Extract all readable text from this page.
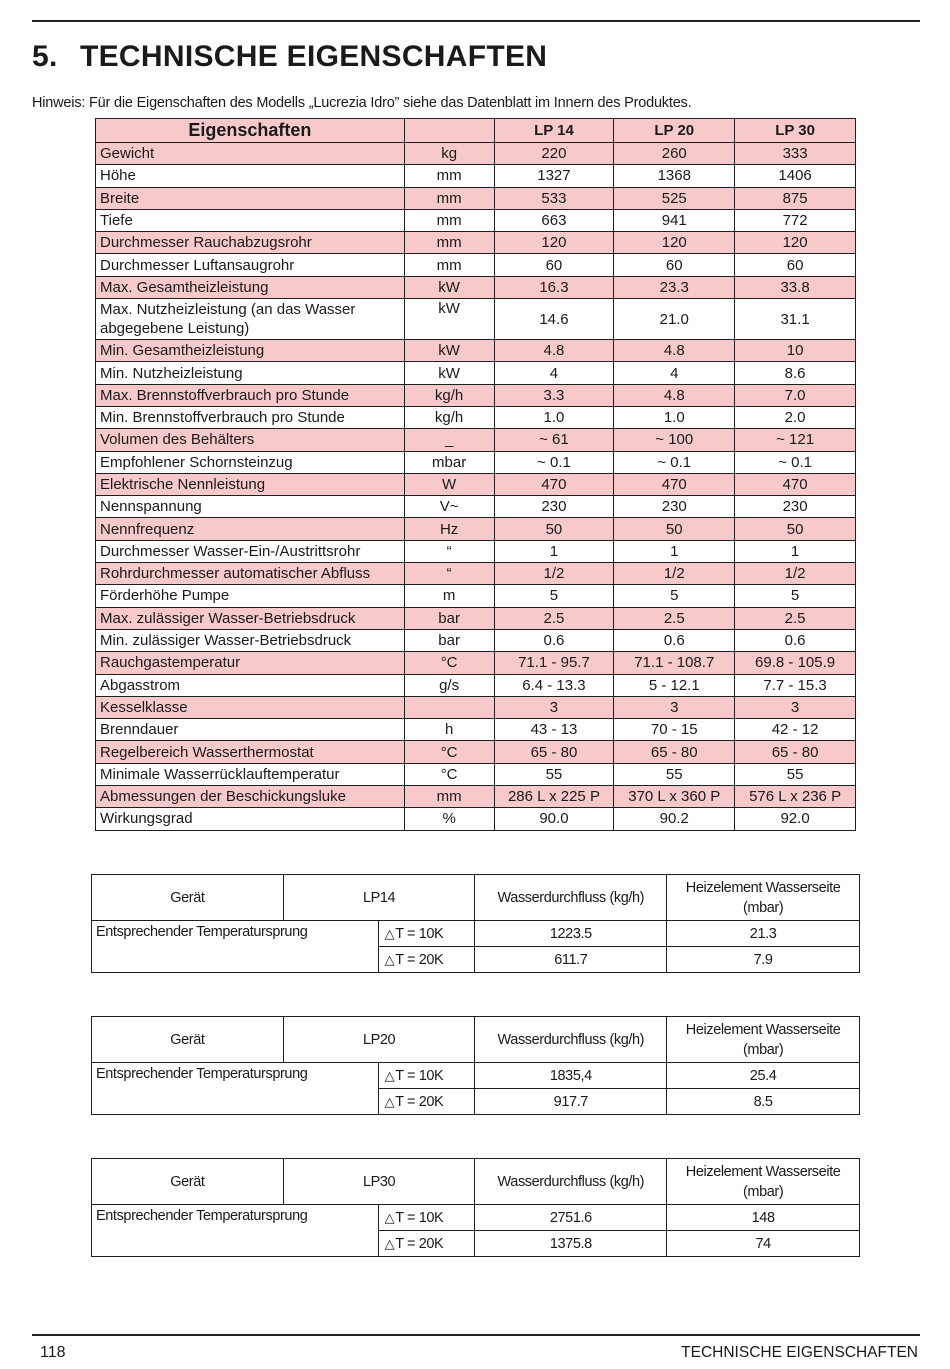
5. TECHNISCHE EIGENSCHAFTEN
Hinweis: Für die Eigenschaften des Modells „Lucrezia Idro” siehe das Datenblatt im Innern des Produktes.
Eigenschaften		LP 14	LP 20	LP 30
Gewicht	kg	220	260	333
Höhe	mm	1327	1368	1406
Breite	mm	533	525	875
Tiefe	mm	663	941	772
Durchmesser Rauchabzugsrohr	mm	120	120	120
Durchmesser Luftansaugrohr	mm	60	60	60
Max. Gesamtheizleistung	kW	16.3	23.3	33.8
Max. Nutzheizleistung (an das Wasser abgegebene Leistung)	kW	14.6	21.0	31.1
Min. Gesamtheizleistung	kW	4.8	4.8	10
Min. Nutzheizleistung	kW	4	4	8.6
Max. Brennstoffverbrauch pro Stunde	kg/h	3.3	4.8	7.0
Min. Brennstoffverbrauch pro Stunde	kg/h	1.0	1.0	2.0
Volumen des Behälters	_	~ 61	~ 100	~ 121
Empfohlener Schornsteinzug	mbar	~ 0.1	~ 0.1	~ 0.1
Elektrische Nennleistung	W	470	470	470
Nennspannung	V~	230	230	230
Nennfrequenz	Hz	50	50	50
Durchmesser Wasser-Ein-/Austrittsrohr	“	1	1	1
Rohrdurchmesser automatischer Abfluss	“	1/2	1/2	1/2
Förderhöhe Pumpe	m	5	5	5
Max. zulässiger Wasser-Betriebsdruck	bar	2.5	2.5	2.5
Min. zulässiger Wasser-Betriebsdruck	bar	0.6	0.6	0.6
Rauchgastemperatur	°C	71.1 - 95.7	71.1 - 108.7	69.8 - 105.9
Abgasstrom	g/s	6.4 - 13.3	5 - 12.1	7.7 - 15.3
Kesselklasse		3	3	3
Brenndauer	h	43 - 13	70 - 15	42 - 12
Regelbereich Wasserthermostat	°C	65 - 80	65 - 80	65 - 80
Minimale Wasserrücklauftemperatur	°C	55	55	55
Abmessungen der Beschickungsluke	mm	286 L x 225 P	370 L x 360 P	576 L x 236 P
Wirkungsgrad	%	90.0	90.2	92.0
Gerät	LP14		Wasserdurchfluss (kg/h)	Heizelement Wasserseite (mbar)
Entsprechender Temperatursprung		△T = 10K	1223.5	21.3
		△T = 20K	611.7	7.9
Gerät	LP20		Wasserdurchfluss (kg/h)	Heizelement Wasserseite (mbar)
Entsprechender Temperatursprung		△T = 10K	1835,4	25.4
		△T = 20K	917.7	8.5
Gerät	LP30		Wasserdurchfluss (kg/h)	Heizelement Wasserseite (mbar)
Entsprechender Temperatursprung		△T = 10K	2751.6	148
		△T = 20K	1375.8	74
118	TECHNISCHE EIGENSCHAFTEN
